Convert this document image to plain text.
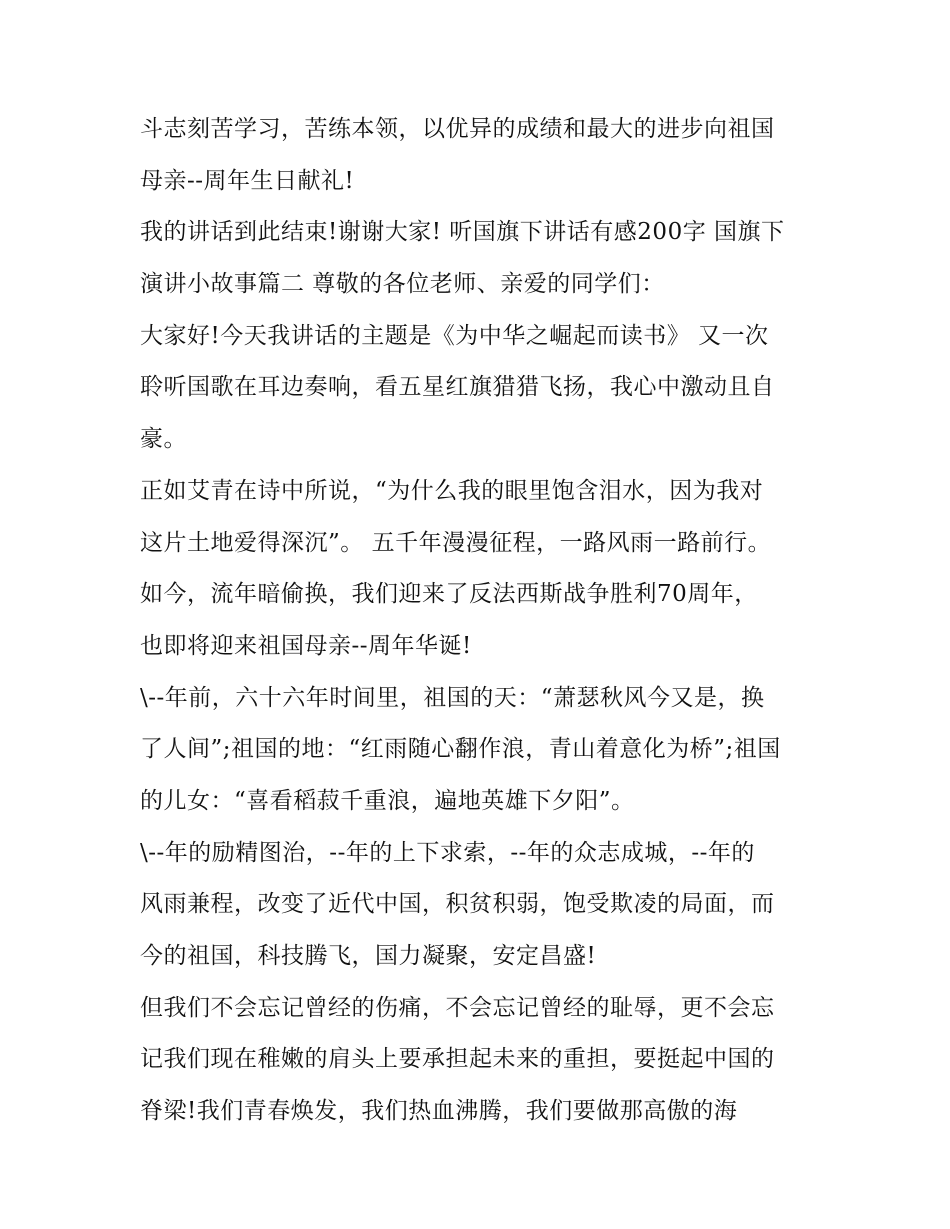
斗志刻苦学习，苦练本领，以优异的成绩和最大的进步向祖国
母亲--周年生日献礼!
我的讲话到此结束!谢谢大家! 听国旗下讲话有感200字 国旗下
演讲小故事篇二 尊敬的各位老师、亲爱的同学们：
大家好!今天我讲话的主题是《为中华之崛起而读书》 又一次
聆听国歌在耳边奏响，看五星红旗猎猎飞扬，我心中激动且自
豪。
正如艾青在诗中所说，“为什么我的眼里饱含泪水，因为我对
这片土地爱得深沉”。 五千年漫漫征程，一路风雨一路前行。
如今，流年暗偷换，我们迎来了反法西斯战争胜利70周年，
也即将迎来祖国母亲--周年华诞!
\--年前，六十六年时间里，祖国的天：“萧瑟秋风今又是，换
了人间”;祖国的地：“红雨随心翻作浪，青山着意化为桥”;祖国
的儿女：“喜看稻菽千重浪，遍地英雄下夕阳”。
\--年的励精图治，--年的上下求索，--年的众志成城，--年的
风雨兼程，改变了近代中国，积贫积弱，饱受欺凌的局面，而
今的祖国，科技腾飞，国力凝聚，安定昌盛!
但我们不会忘记曾经的伤痛，不会忘记曾经的耻辱，更不会忘
记我们现在稚嫩的肩头上要承担起未来的重担，要挺起中国的
脊梁!我们青春焕发，我们热血沸腾，我们要做那高傲的海
